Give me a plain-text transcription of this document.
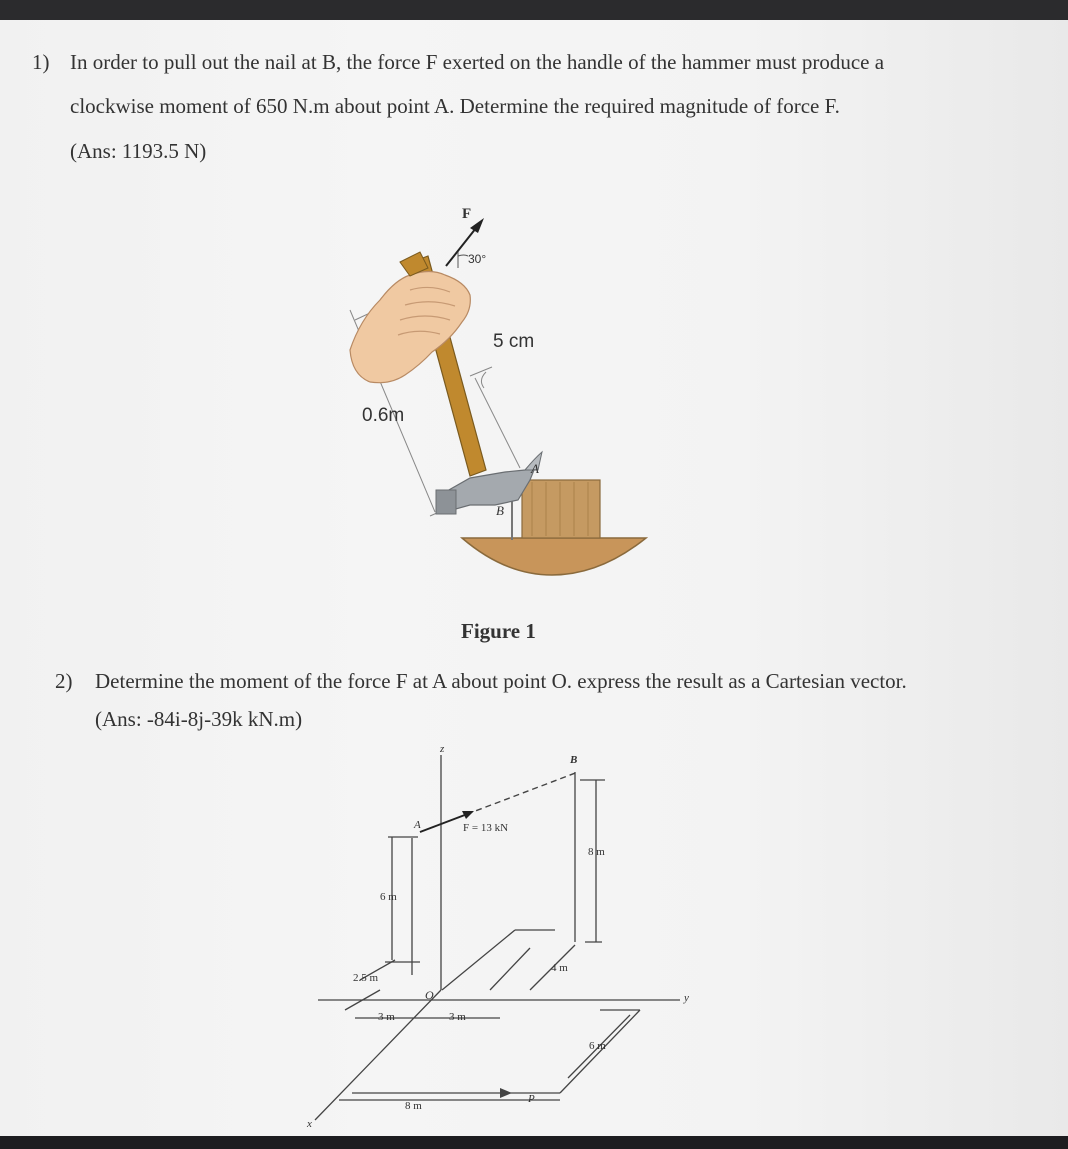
1) In order to pull out the nail at B, the force F exerted on the handle of the hammer must produce a
clockwise moment of 650 N.m about point A. Determine the required magnitude of force F.
(Ans: 1193.5 N)
F
30°
5 cm
0.6m
A
B
Figure 1
2) Determine the moment of the force F at A about point O. express the result as a Cartesian vector.
(Ans: -84i-8j-39k kN.m)
z
x
y
A
B
O
P
F = 13 kN
6 m
8 m
2.5 m
3 m	3 m
4 m
6 m
8 m
